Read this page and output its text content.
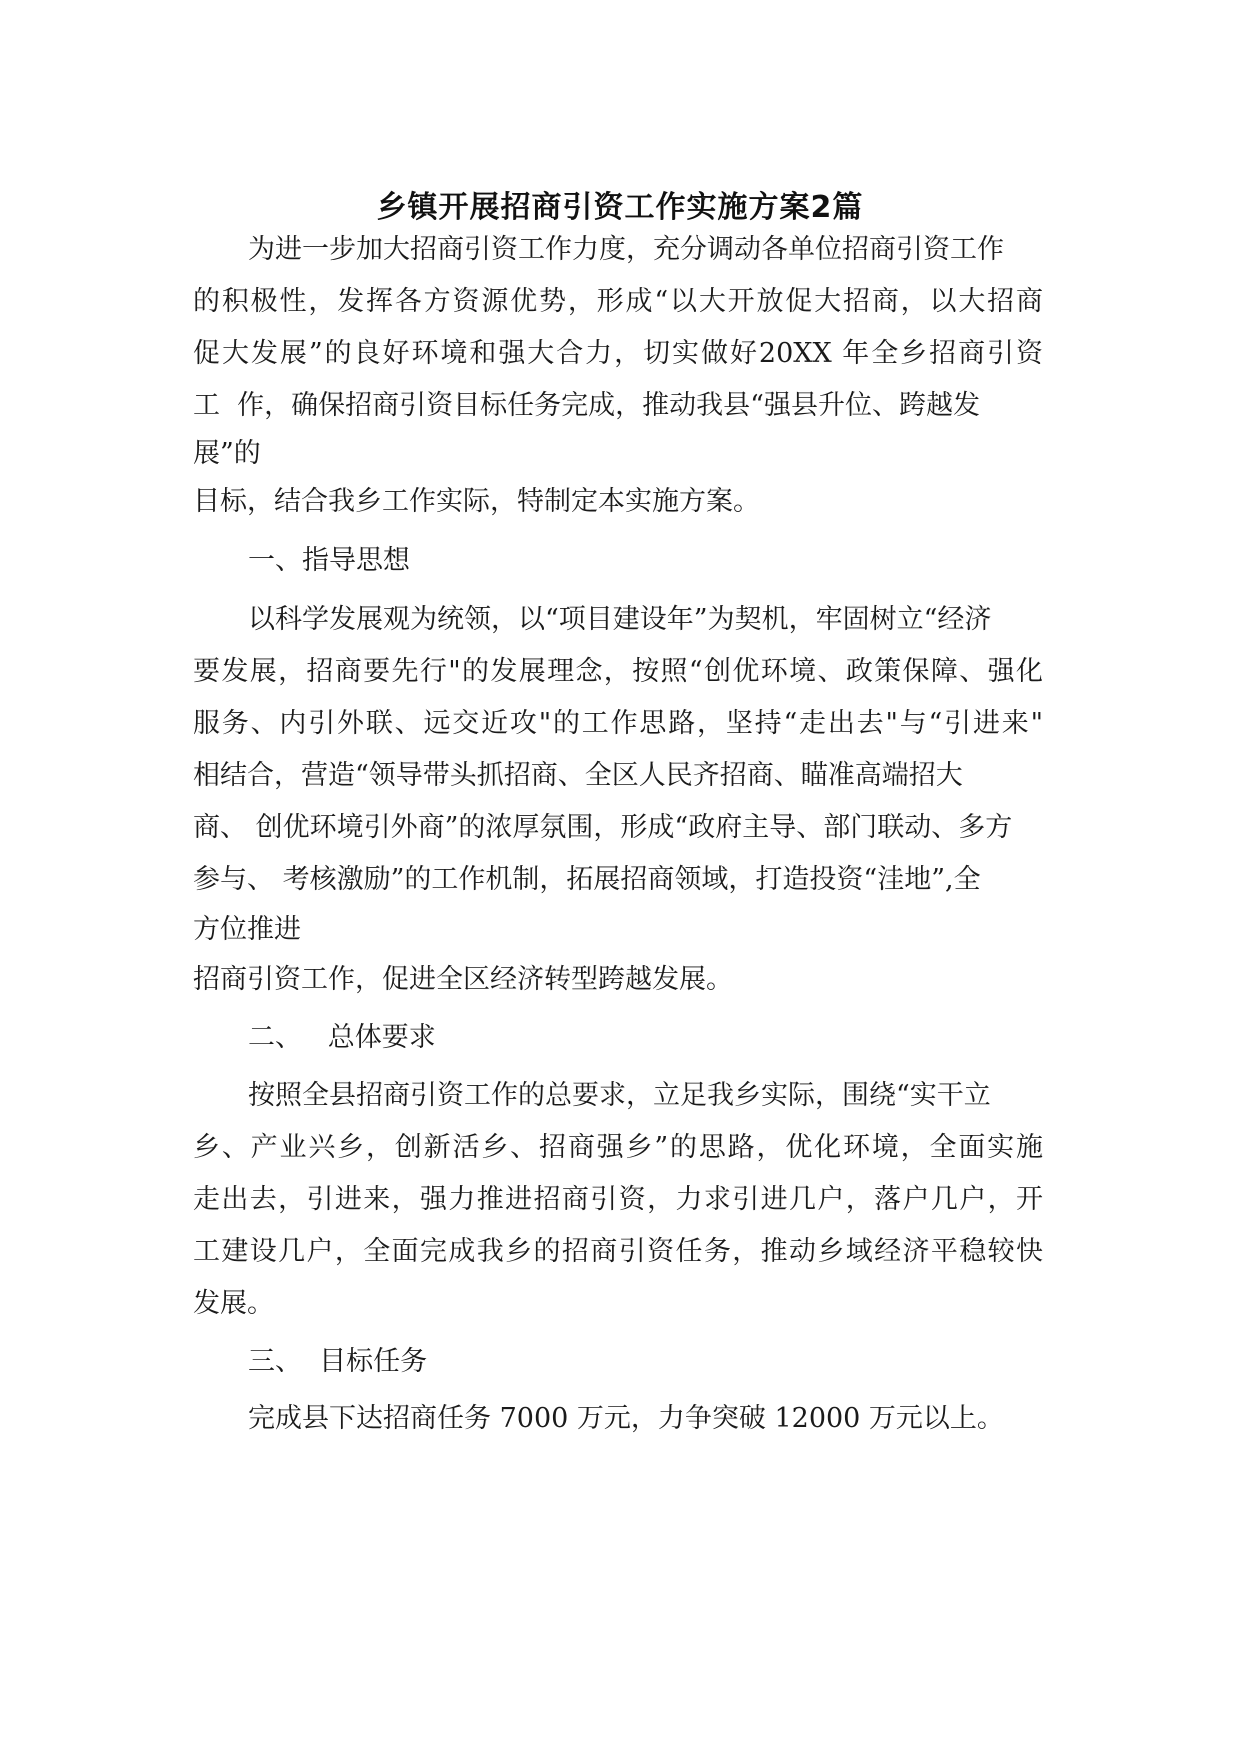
乡镇开展招商引资工作实施方案2篇
为进一步加大招商引资工作力度，充分调动各单位招商引资工作
的积极性，发挥各方资源优势，形成“以大开放促大招商，以大招商
促大发展”的良好环境和强大合力，切实做好20XX 年全乡招商引资
工  作，确保招商引资目标任务完成，推动我县“强县升位、跨越发
展”的
目标，结合我乡工作实际，特制定本实施方案。
一、指导思想
以科学发展观为统领，以“项目建设年”为契机，牢固树立“经济
要发展，招商要先行"的发展理念，按照“创优环境、政策保障、强化
服务、内引外联、远交近攻"的工作思路，坚持“走出去"与“引进来"
相结合，营造“领导带头抓招商、全区人民齐招商、瞄准高端招大
商、 创优环境引外商”的浓厚氛围，形成“政府主导、部门联动、多方
参与、 考核激励”的工作机制，拓展招商领域，打造投资“洼地”,全
方位推进
招商引资工作，促进全区经济转型跨越发展。
二、   总体要求
按照全县招商引资工作的总要求，立足我乡实际，围绕“实干立
乡、产业兴乡，创新活乡、招商强乡”的思路，优化环境，全面实施
走出去，引进来，强力推进招商引资，力求引进几户，落户几户，开
工建设几户，全面完成我乡的招商引资任务，推动乡域经济平稳较快
发展。
三、  目标任务
完成县下达招商任务 7000 万元，力争突破 12000 万元以上。
